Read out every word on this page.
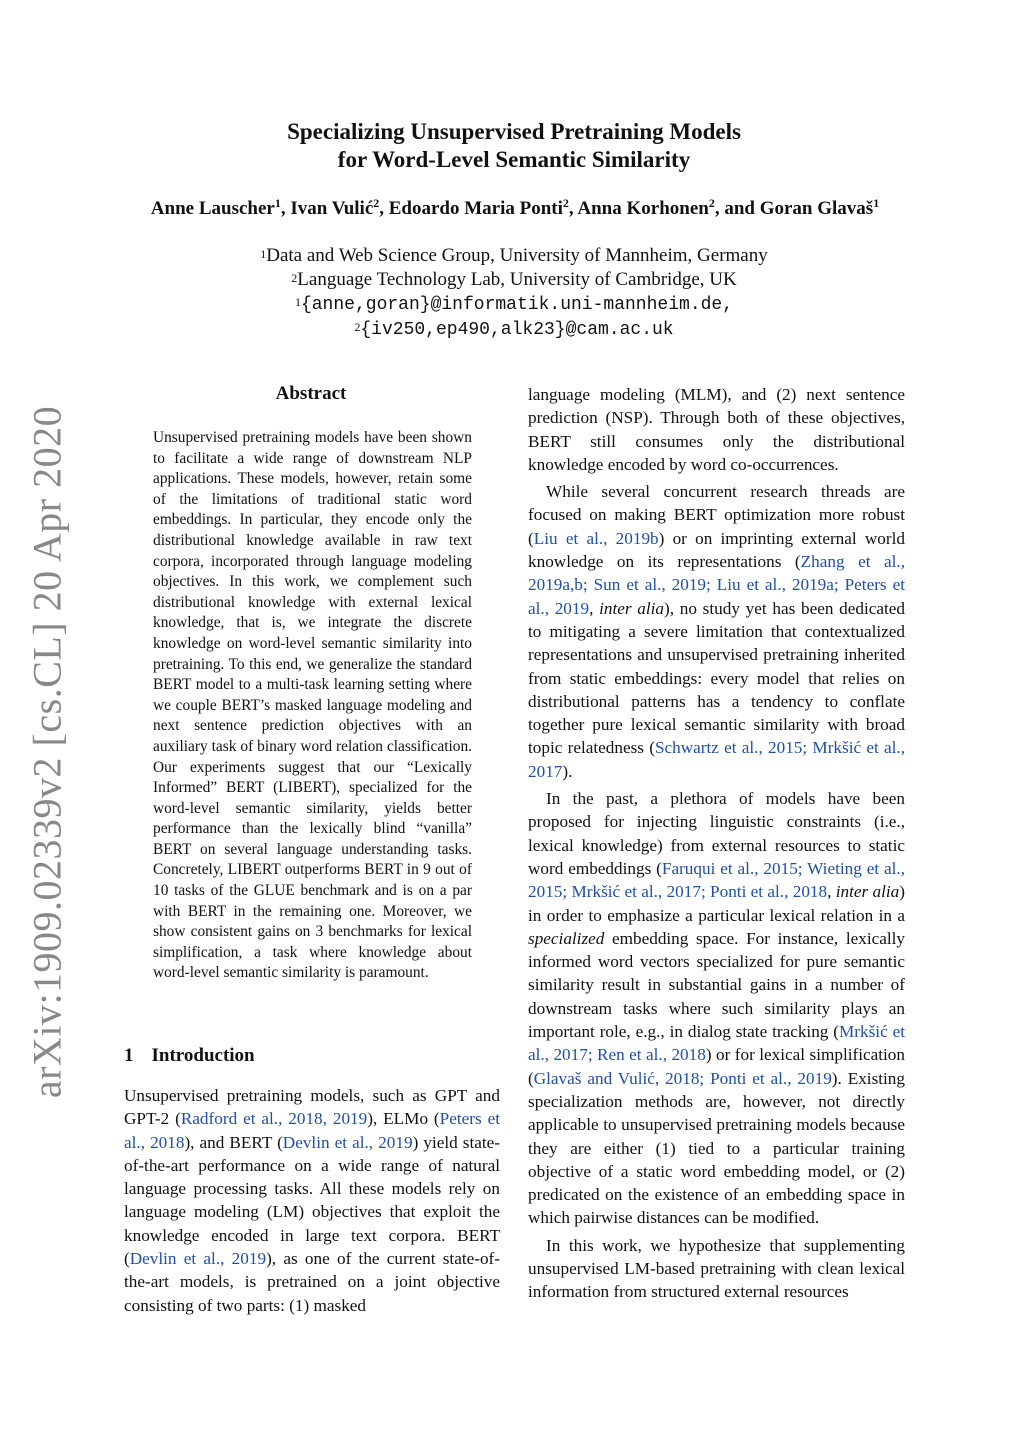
arXiv:1909.02339v2 [cs.CL] 20 Apr 2020
Specializing Unsupervised Pretraining Models
for Word-Level Semantic Similarity
Anne Lauscher$^1$, Ivan Vulić$^2$, Edoardo Maria Ponti$^2$, Anna Korhonen$^2$, and Goran Glavaš$^1$
$^1$Data and Web Science Group, University of Mannheim, Germany
$^2$Language Technology Lab, University of Cambridge, UK
$^1${anne,goran}@informatik.uni-mannheim.de,
$^2${iv250,ep490,alk23}@cam.ac.uk
Abstract
Unsupervised pretraining models have been shown to facilitate a wide range of downstream NLP applications. These models, however, retain some of the limitations of traditional static word embeddings. In particular, they encode only the distributional knowledge available in raw text corpora, incorporated through language modeling objectives. In this work, we complement such distributional knowledge with external lexical knowledge, that is, we integrate the discrete knowledge on word-level semantic similarity into pretraining. To this end, we generalize the standard BERT model to a multi-task learning setting where we couple BERT’s masked language modeling and next sentence prediction objectives with an auxiliary task of binary word relation classification. Our experiments suggest that our “Lexically Informed” BERT (LIBERT), specialized for the word-level semantic similarity, yields better performance than the lexically blind “vanilla” BERT on several language understanding tasks. Concretely, LIBERT outperforms BERT in 9 out of 10 tasks of the GLUE benchmark and is on a par with BERT in the remaining one. Moreover, we show consistent gains on 3 benchmarks for lexical simplification, a task where knowledge about word-level semantic similarity is paramount.
1 Introduction

Unsupervised pretraining models, such as GPT and GPT-2 (Radford et al., 2018, 2019), ELMo (Peters et al., 2018), and BERT (Devlin et al., 2019) yield state-of-the-art performance on a wide range of natural language processing tasks. All these models rely on language modeling (LM) objectives that exploit the knowledge encoded in large text corpora. BERT (Devlin et al., 2019), as one of the current state-of-the-art models, is pretrained on a joint objective consisting of two parts: (1) masked

language modeling (MLM), and (2) next sentence prediction (NSP). Through both of these objectives, BERT still consumes only the distributional knowledge encoded by word co-occurrences.

While several concurrent research threads are focused on making BERT optimization more robust (Liu et al., 2019b) or on imprinting external world knowledge on its representations (Zhang et al., 2019a,b; Sun et al., 2019; Liu et al., 2019a; Peters et al., 2019, inter alia), no study yet has been dedicated to mitigating a severe limitation that contextualized representations and unsupervised pretraining inherited from static embeddings: every model that relies on distributional patterns has a tendency to conflate together pure lexical semantic similarity with broad topic relatedness (Schwartz et al., 2015; Mrkšić et al., 2017).

In the past, a plethora of models have been proposed for injecting linguistic constraints (i.e., lexical knowledge) from external resources to static word embeddings (Faruqui et al., 2015; Wieting et al., 2015; Mrkšić et al., 2017; Ponti et al., 2018, inter alia) in order to emphasize a particular lexical relation in a specialized embedding space. For instance, lexically informed word vectors specialized for pure semantic similarity result in substantial gains in a number of downstream tasks where such similarity plays an important role, e.g., in dialog state tracking (Mrkšić et al., 2017; Ren et al., 2018) or for lexical simplification (Glavaš and Vulić, 2018; Ponti et al., 2019). Existing specialization methods are, however, not directly applicable to unsupervised pretraining models because they are either (1) tied to a particular training objective of a static word embedding model, or (2) predicated on the existence of an embedding space in which pairwise distances can be modified.

In this work, we hypothesize that supplementing unsupervised LM-based pretraining with clean lexical information from structured external resources
